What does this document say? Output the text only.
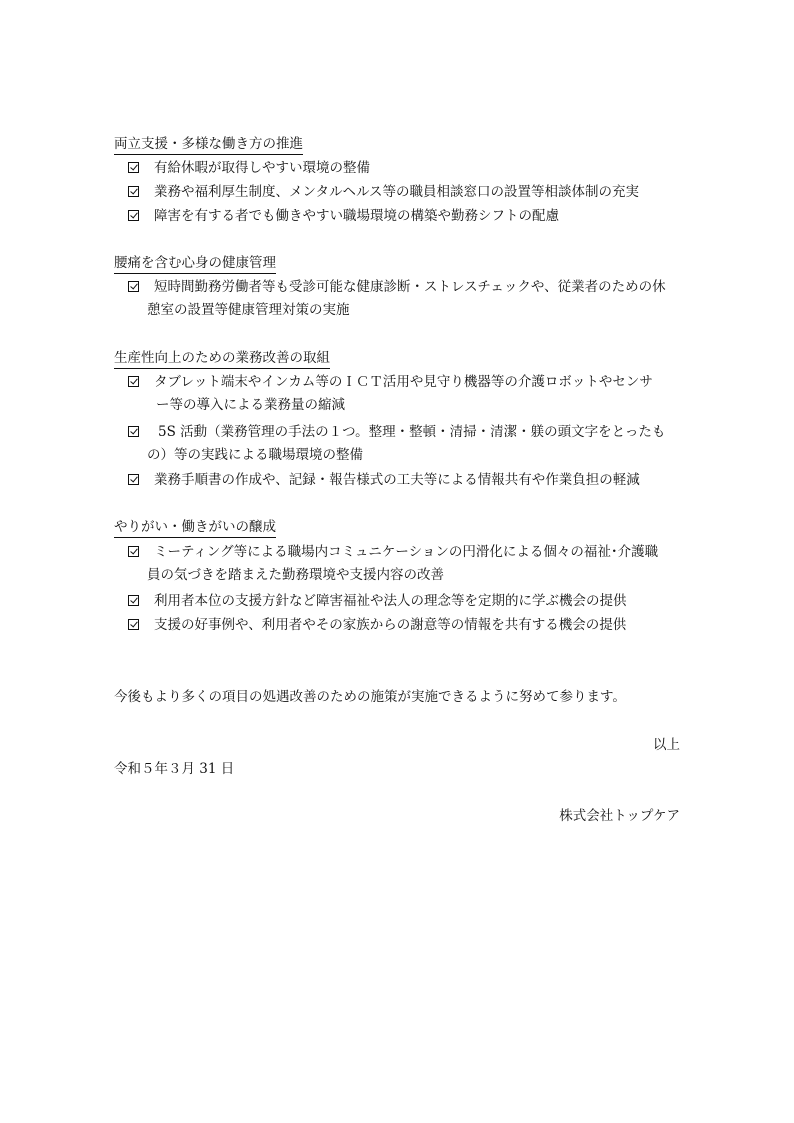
両立支援・多様な働き方の推進
有給休暇が取得しやすい環境の整備
業務や福利厚生制度、メンタルヘルス等の職員相談窓口の設置等相談体制の充実
障害を有する者でも働きやすい職場環境の構築や勤務シフトの配慮
腰痛を含む心身の健康管理
短時間勤務労働者等も受診可能な健康診断・ストレスチェックや、従業者のための休
憩室の設置等健康管理対策の実施
生産性向上のための業務改善の取組
タブレット端末やインカム等のＩＣＴ活用や見守り機器等の介護ロボットやセンサ
ー等の導入による業務量の縮減
5S 活動（業務管理の手法の１つ。整理・整頓・清掃・清潔・躾の頭文字をとったも
の）等の実践による職場環境の整備
業務手順書の作成や、記録・報告様式の工夫等による情報共有や作業負担の軽減
やりがい・働きがいの醸成
ミーティング等による職場内コミュニケーションの円滑化による個々の福祉･介護職
員の気づきを踏まえた勤務環境や支援内容の改善
利用者本位の支援方針など障害福祉や法人の理念等を定期的に学ぶ機会の提供
支援の好事例や、利用者やその家族からの謝意等の情報を共有する機会の提供
今後もより多くの項目の処遇改善のための施策が実施できるように努めて参ります。
以上
令和５年３月 31 日
株式会社トップケア
